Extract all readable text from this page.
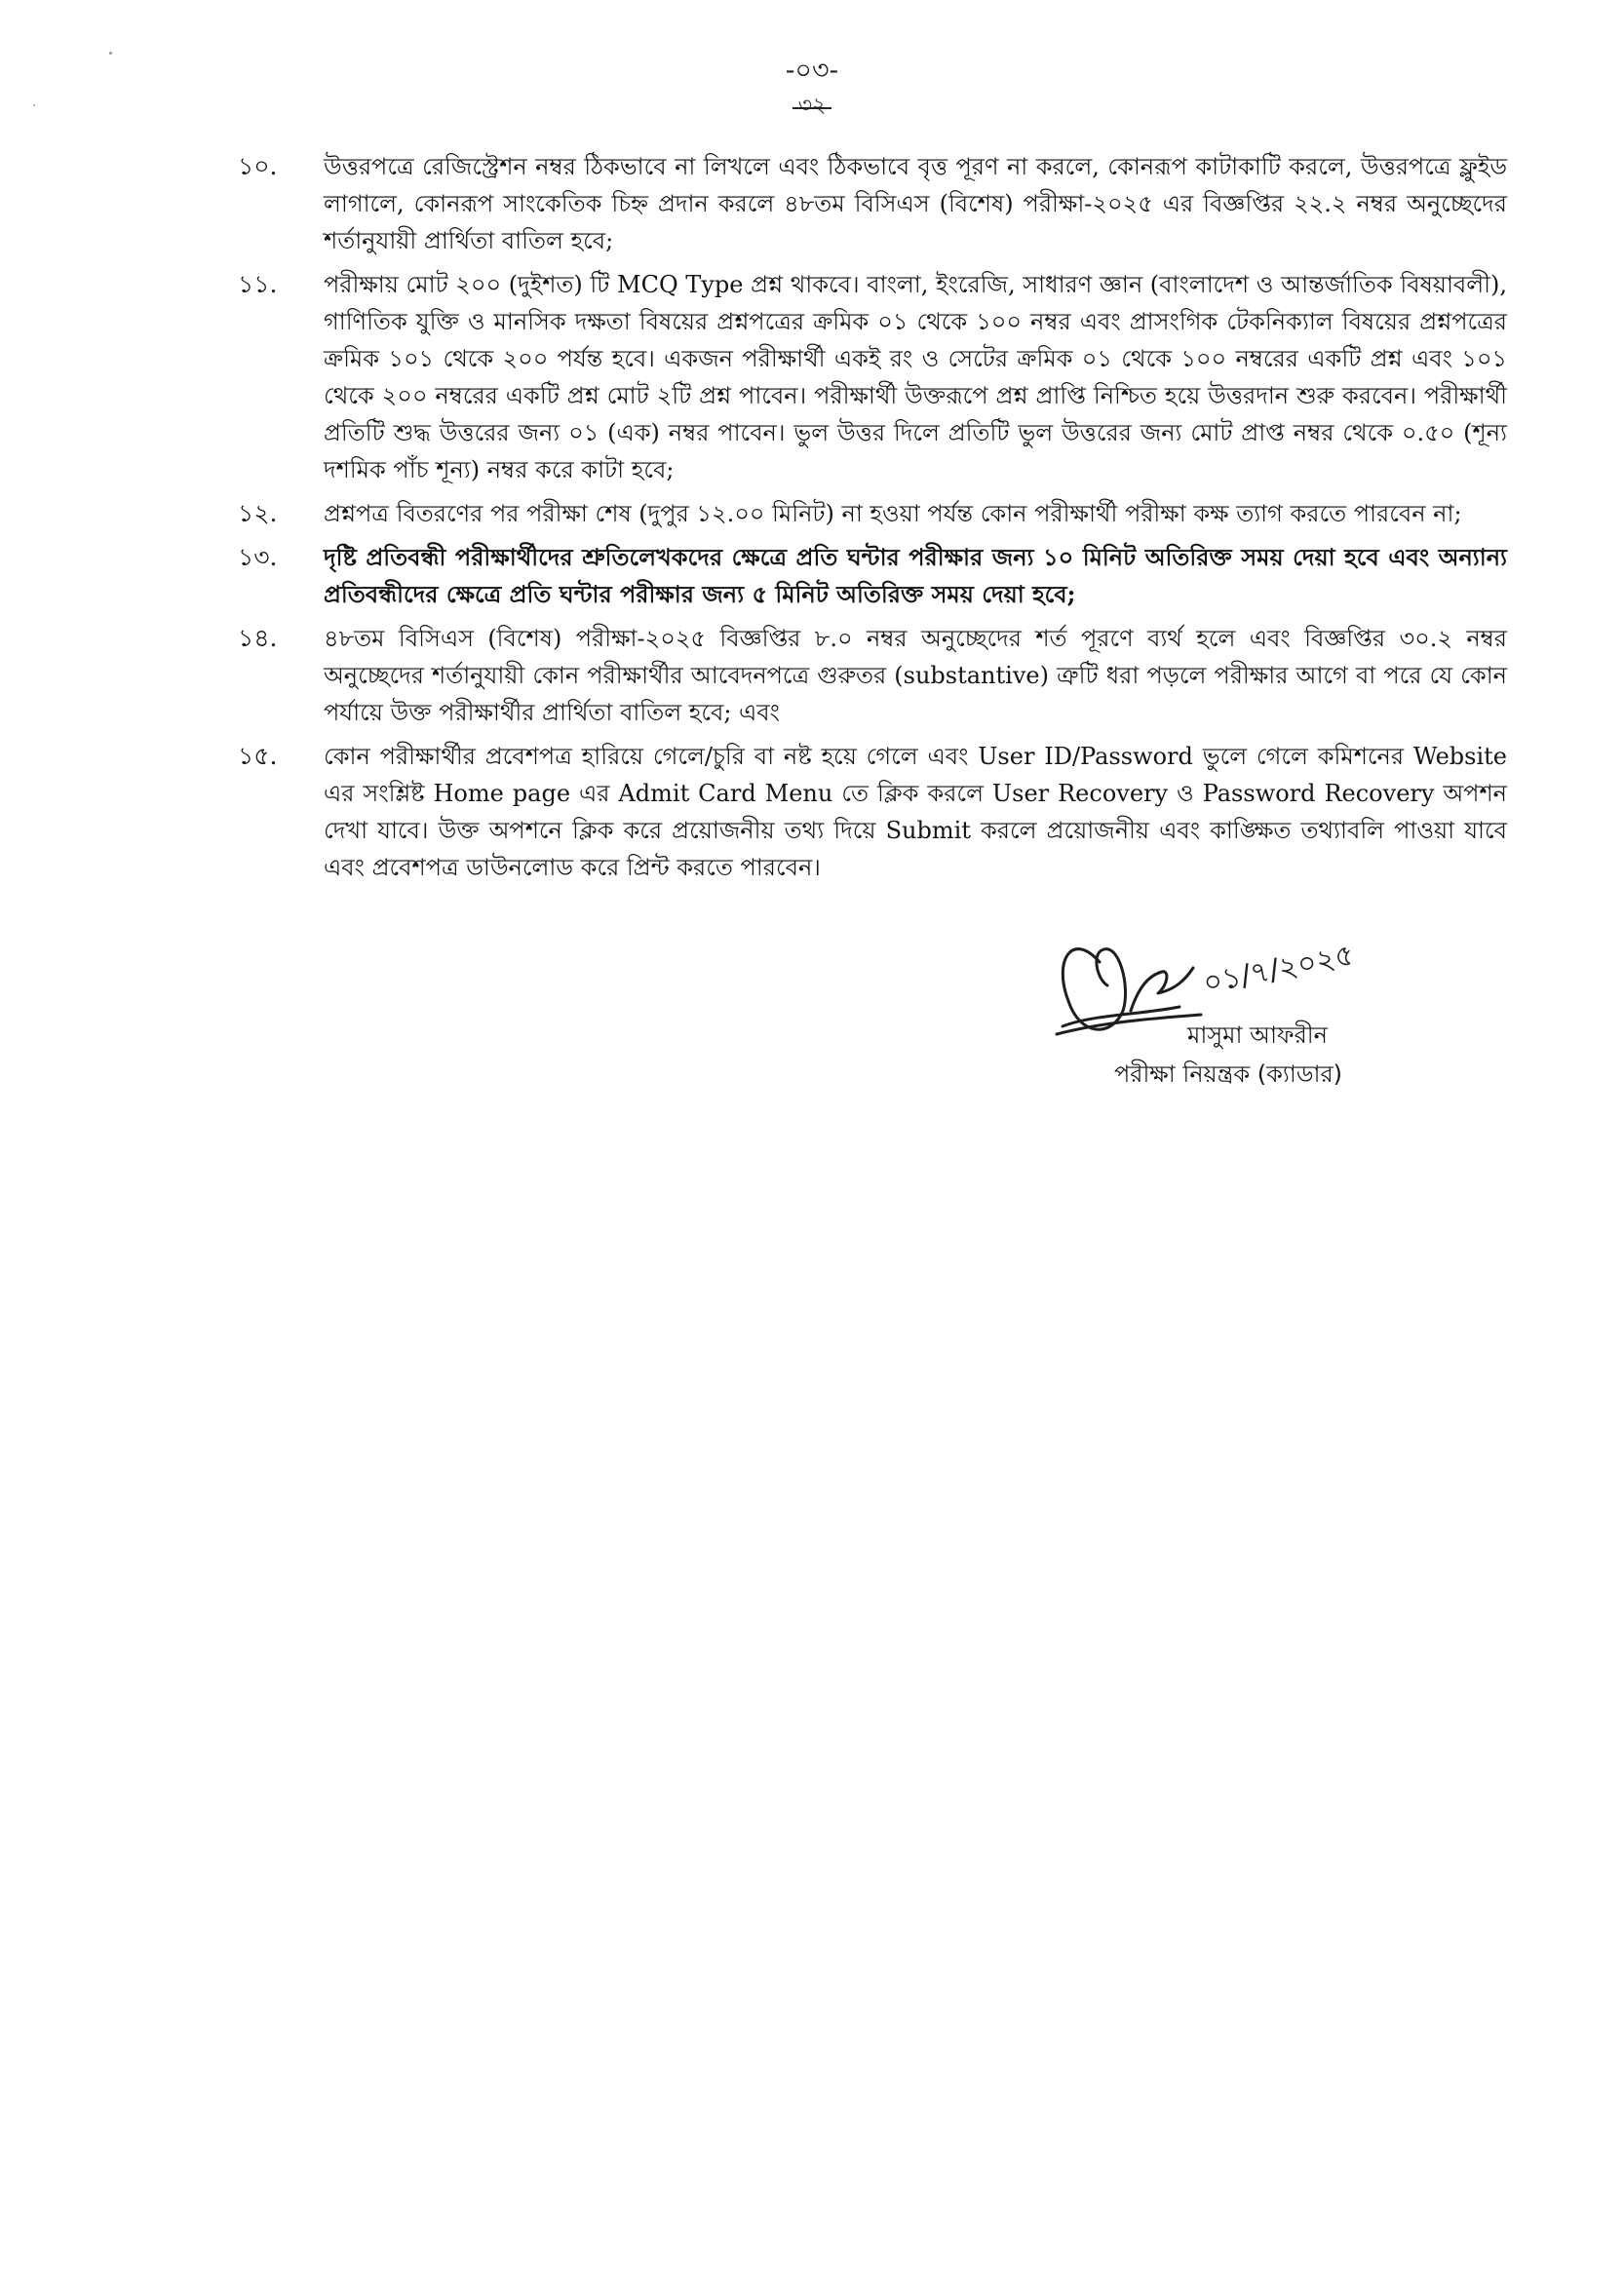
-০৩-
৩২
১০.	উত্তরপত্রে রেজিস্ট্রেশন নম্বর ঠিকভাবে না লিখলে এবং ঠিকভাবে বৃত্ত পূরণ না করলে, কোনরূপ কাটাকাটি করলে, উত্তরপত্রে ফ্লুইড লাগালে, কোনরূপ সাংকেতিক চিহ্ন প্রদান করলে ৪৮তম বিসিএস (বিশেষ) পরীক্ষা-২০২৫ এর বিজ্ঞপ্তির ২২.২ নম্বর অনুচ্ছেদের শর্তানুযায়ী প্রার্থিতা বাতিল হবে;
১১.	পরীক্ষায় মোট ২০০ (দুইশত) টি MCQ Type প্রশ্ন থাকবে। বাংলা, ইংরেজি, সাধারণ জ্ঞান (বাংলাদেশ ও আন্তর্জাতিক বিষয়াবলী), গাণিতিক যুক্তি ও মানসিক দক্ষতা বিষয়ের প্রশ্নপত্রের ক্রমিক ০১ থেকে ১০০ নম্বর এবং প্রাসংগিক টেকনিক্যাল বিষয়ের প্রশ্নপত্রের ক্রমিক ১০১ থেকে ২০০ পর্যন্ত হবে। একজন পরীক্ষার্থী একই রং ও সেটের ক্রমিক ০১ থেকে ১০০ নম্বরের একটি প্রশ্ন এবং ১০১ থেকে ২০০ নম্বরের একটি প্রশ্ন মোট ২টি প্রশ্ন পাবেন। পরীক্ষার্থী উক্তরূপে প্রশ্ন প্রাপ্তি নিশ্চিত হয়ে উত্তরদান শুরু করবেন। পরীক্ষার্থী প্রতিটি শুদ্ধ উত্তরের জন্য ০১ (এক) নম্বর পাবেন। ভুল উত্তর দিলে প্রতিটি ভুল উত্তরের জন্য মোট প্রাপ্ত নম্বর থেকে ০.৫০ (শূন্য দশমিক পাঁচ শূন্য) নম্বর করে কাটা হবে;
১২.	প্রশ্নপত্র বিতরণের পর পরীক্ষা শেষ (দুপুর ১২.০০ মিনিট) না হওয়া পর্যন্ত কোন পরীক্ষার্থী পরীক্ষা কক্ষ ত্যাগ করতে পারবেন না;
১৩.	দৃষ্টি প্রতিবন্ধী পরীক্ষার্থীদের শ্রুতিলেখকদের ক্ষেত্রে প্রতি ঘন্টার পরীক্ষার জন্য ১০ মিনিট অতিরিক্ত সময় দেয়া হবে এবং অন্যান্য প্রতিবন্ধীদের ক্ষেত্রে প্রতি ঘন্টার পরীক্ষার জন্য ৫ মিনিট অতিরিক্ত সময় দেয়া হবে;
১৪.	৪৮তম বিসিএস (বিশেষ) পরীক্ষা-২০২৫ বিজ্ঞপ্তির ৮.০ নম্বর অনুচ্ছেদের শর্ত পূরণে ব্যর্থ হলে এবং বিজ্ঞপ্তির ৩০.২ নম্বর অনুচ্ছেদের শর্তানুযায়ী কোন পরীক্ষার্থীর আবেদনপত্রে গুরুতর (substantive) ত্রুটি ধরা পড়লে পরীক্ষার আগে বা পরে যে কোন পর্যায়ে উক্ত পরীক্ষার্থীর প্রার্থিতা বাতিল হবে; এবং
১৫.	কোন পরীক্ষার্থীর প্রবেশপত্র হারিয়ে গেলে/চুরি বা নষ্ট হয়ে গেলে এবং User ID/Password ভুলে গেলে কমিশনের Website এর সংশ্লিষ্ট Home page এর Admit Card Menu তে ক্লিক করলে User Recovery ও Password Recovery অপশন দেখা যাবে। উক্ত অপশনে ক্লিক করে প্রয়োজনীয় তথ্য দিয়ে Submit করলে প্রয়োজনীয় এবং কাঙ্ক্ষিত তথ্যাবলি পাওয়া যাবে এবং প্রবেশপত্র ডাউনলোড করে প্রিন্ট করতে পারবেন।
০১/৭/২০২৫
মাসুমা আফরীন
পরীক্ষা নিয়ন্ত্রক (ক্যাডার)
